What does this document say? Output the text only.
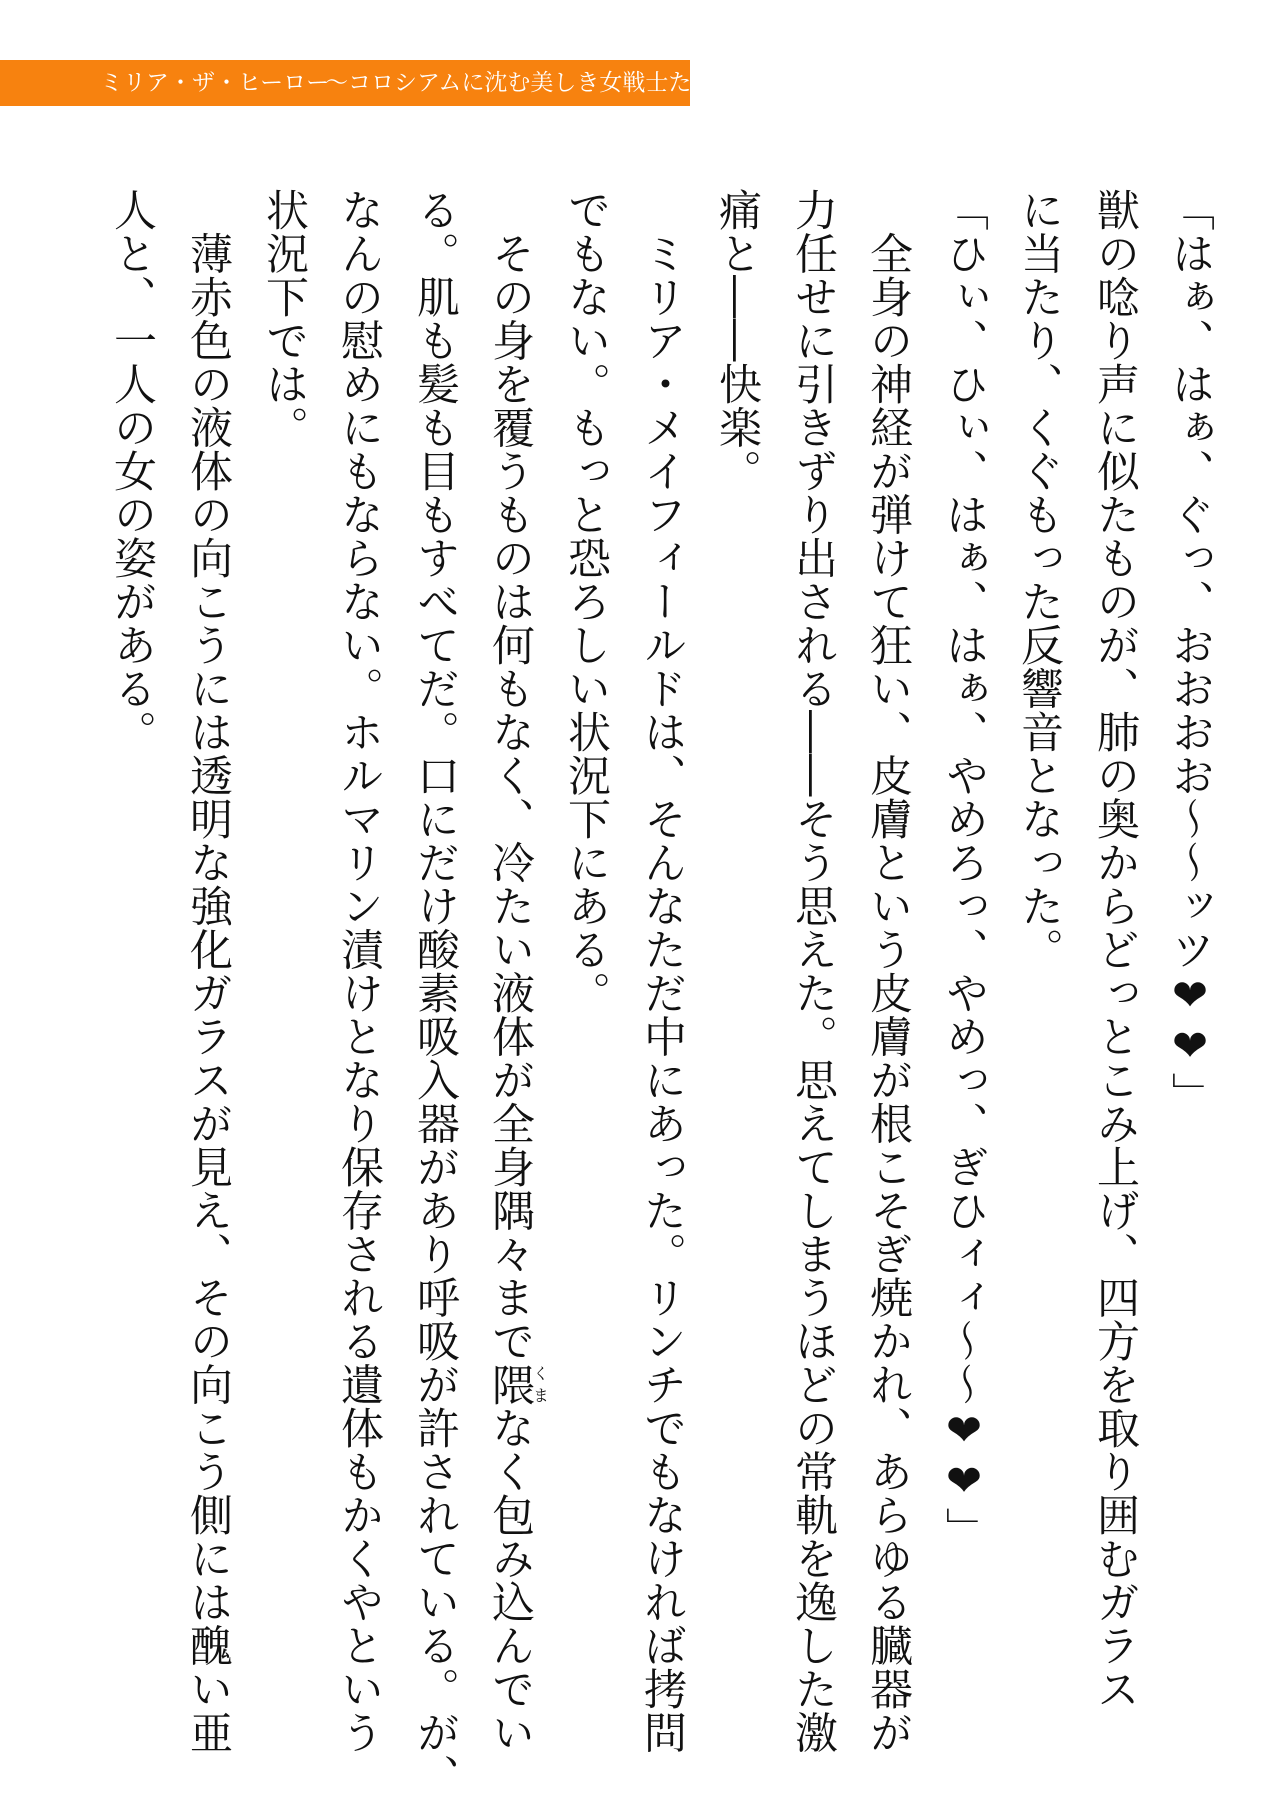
ミリア・ザ・ヒーロー
～コロシアムに沈む美しき女戦士たち～
「はぁ、はぁ、ぐっ、おおおお～～ッツ❤❤」
獣の唸り声に似たものが、肺の奥からどっとこみ上げ、四方を取り囲むガラス
に当たり、くぐもった反響音となった。
「ひぃ、ひぃ、はぁ、はぁ、やめろっ、やめっ、ぎひィィ～～❤❤」
　全身の神経が弾けて狂い、皮膚という皮膚が根こそぎ焼かれ、あらゆる臓器が
力任せに引きずり出される――そう思えた。思えてしまうほどの常軌を逸した激
痛と――快楽。
　ミリア・メイフィールドは、そんなただ中にあった。リンチでもなければ拷問
でもない。もっと恐ろしい状況下にある。
　その身を覆うものは何もなく、冷たい液体が全身隅々まで隈くまなく包み込んでい
る。肌も髪も目もすべてだ。口にだけ酸素吸入器があり呼吸が許されている。が、
なんの慰めにもならない。ホルマリン漬けとなり保存される遺体もかくやという
状況下では。
　薄赤色の液体の向こうには透明な強化ガラスが見え、その向こう側には醜い亜
人と、一人の女の姿がある。
